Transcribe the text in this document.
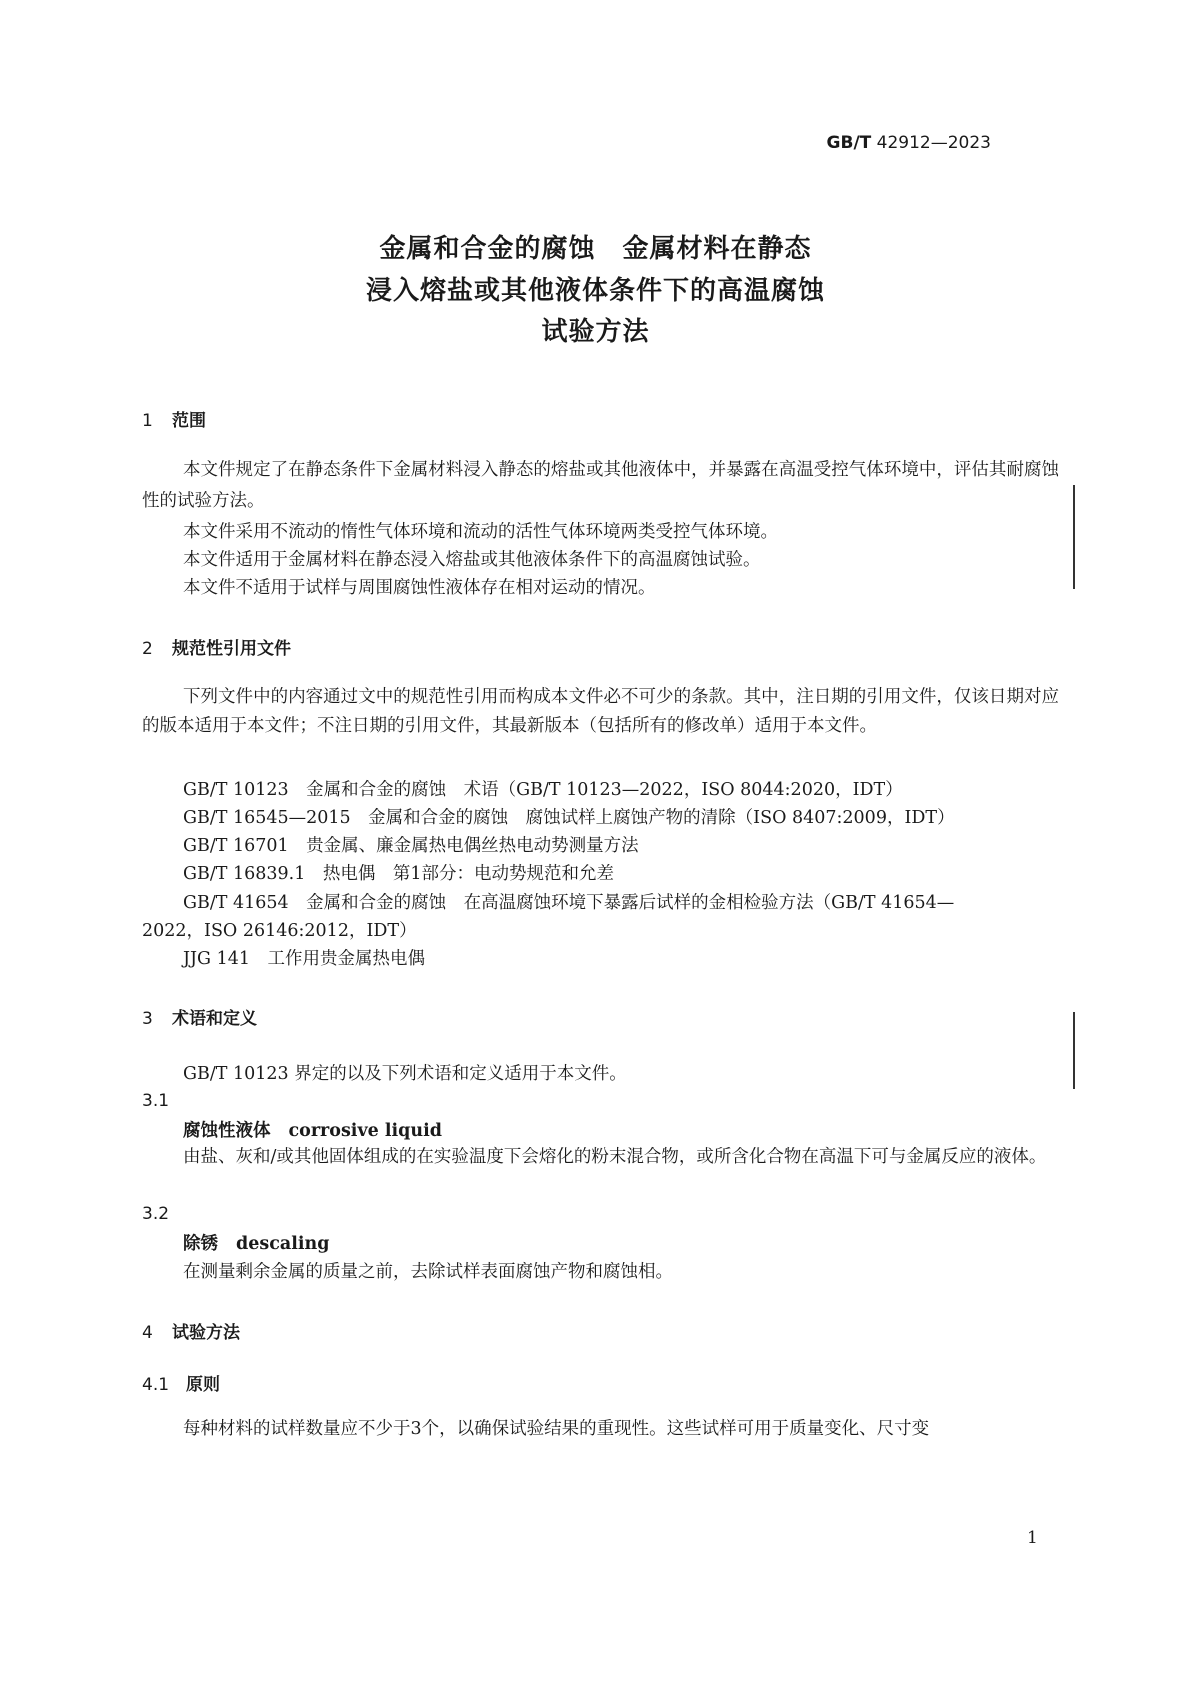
GB/T 42912—2023
金属和合金的腐蚀　金属材料在静态
浸入熔盐或其他液体条件下的高温腐蚀
试验方法
1 范围
本文件规定了在静态条件下金属材料浸入静态的熔盐或其他液体中，并暴露在高温受控气体环境中，评估其耐腐蚀性的试验方法。
本文件采用不流动的惰性气体环境和流动的活性气体环境两类受控气体环境。
本文件适用于金属材料在静态浸入熔盐或其他液体条件下的高温腐蚀试验。
本文件不适用于试样与周围腐蚀性液体存在相对运动的情况。
2 规范性引用文件
下列文件中的内容通过文中的规范性引用而构成本文件必不可少的条款。其中，注日期的引用文件，仅该日期对应的版本适用于本文件；不注日期的引用文件，其最新版本（包括所有的修改单）适用于本文件。
GB/T 10123　金属和合金的腐蚀　术语（GB/T 10123—2022，ISO 8044:2020，IDT）
GB/T 16545—2015　金属和合金的腐蚀　腐蚀试样上腐蚀产物的清除（ISO 8407:2009，IDT）
GB/T 16701　贵金属、廉金属热电偶丝热电动势测量方法
GB/T 16839.1　热电偶　第1部分：电动势规范和允差
GB/T 41654　金属和合金的腐蚀　在高温腐蚀环境下暴露后试样的金相检验方法（GB/T 41654—
2022，ISO 26146:2012，IDT）
JJG 141　工作用贵金属热电偶
3 术语和定义
GB/T 10123 界定的以及下列术语和定义适用于本文件。
3.1
腐蚀性液体 corrosive liquid
由盐、灰和/或其他固体组成的在实验温度下会熔化的粉末混合物，或所含化合物在高温下可与金属反应的液体。
3.2
除锈 descaling
在测量剩余金属的质量之前，去除试样表面腐蚀产物和腐蚀相。
4 试验方法
4.1 原则
每种材料的试样数量应不少于3个，以确保试验结果的重现性。这些试样可用于质量变化、尺寸变
1
